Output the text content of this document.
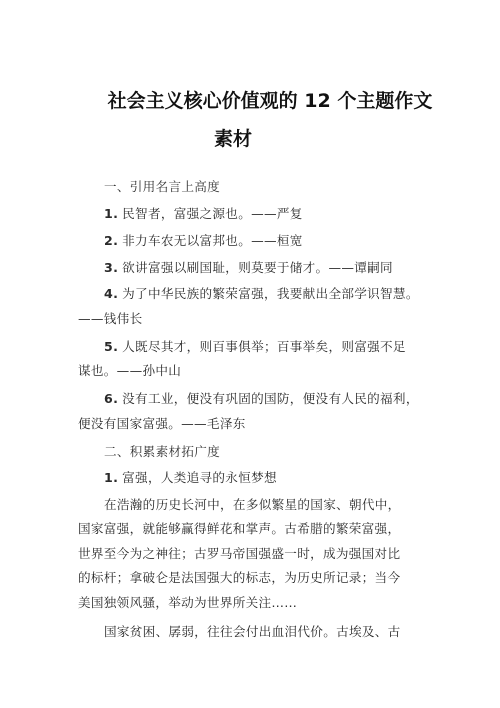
社会主义核心价值观的 12 个主题作文
素材
一、引用名言上高度
1. 民智者，富强之源也。——严复
2. 非力车农无以富邦也。——桓宽
3. 欲讲富强以刷国耻，则莫要于储才。——谭嗣同
4. 为了中华民族的繁荣富强，我要献出全部学识智慧。
——钱伟长
5. 人既尽其才，则百事俱举；百事举矣，则富强不足
谋也。——孙中山
6. 没有工业，便没有巩固的国防，便没有人民的福利，
便没有国家富强。——毛泽东
二、积累素材拓广度
1. 富强，人类追寻的永恒梦想
在浩瀚的历史长河中，在多似繁星的国家、朝代中，
国家富强，就能够赢得鲜花和掌声。古希腊的繁荣富强，
世界至今为之神往；古罗马帝国强盛一时，成为强国对比
的标杆；拿破仑是法国强大的标志，为历史所记录；当今
美国独领风骚，举动为世界所关注……
国家贫困、孱弱，往往会付出血泪代价。古埃及、古
